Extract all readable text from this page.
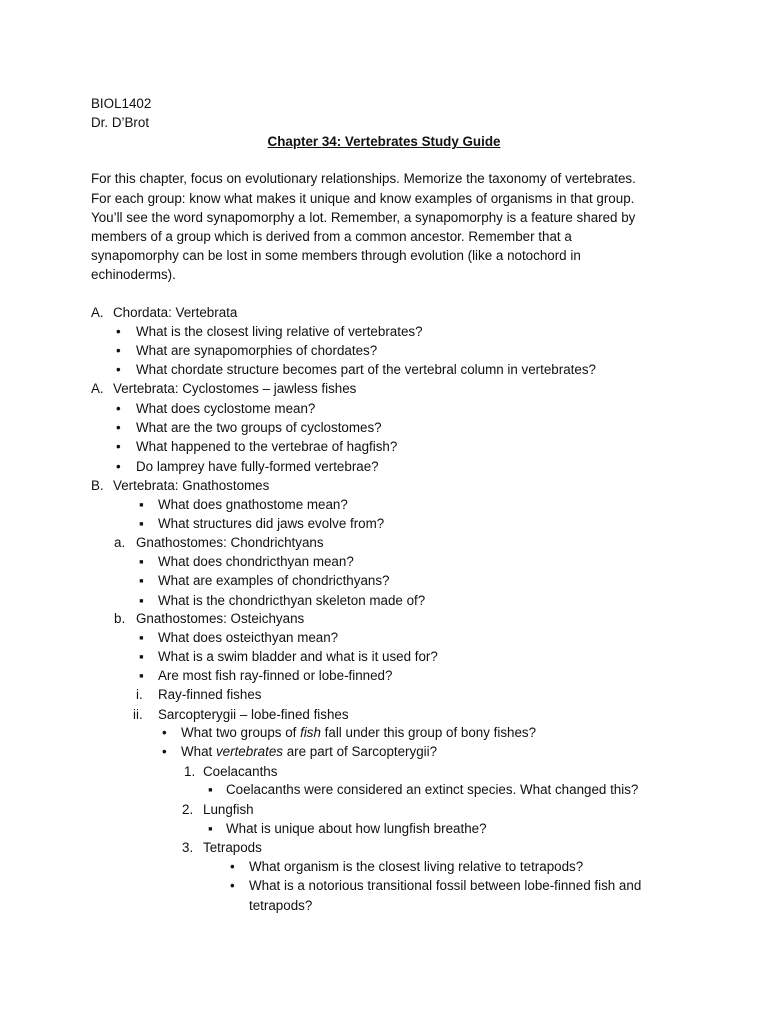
BIOL1402
Dr. D’Brot
Chapter 34: Vertebrates Study Guide
For this chapter, focus on evolutionary relationships. Memorize the taxonomy of vertebrates.
For each group: know what makes it unique and know examples of organisms in that group.
You’ll see the word synapomorphy a lot. Remember, a synapomorphy is a feature shared by
members of a group which is derived from a common ancestor. Remember that a
synapomorphy can be lost in some members through evolution (like a notochord in
echinoderms).
A. Chordata: Vertebrata
• What is the closest living relative of vertebrates?
• What are synapomorphies of chordates?
• What chordate structure becomes part of the vertebral column in vertebrates?
A. Vertebrata: Cyclostomes – jawless fishes
• What does cyclostome mean?
• What are the two groups of cyclostomes?
• What happened to the vertebrae of hagfish?
• Do lamprey have fully-formed vertebrae?
B. Vertebrata: Gnathostomes
▪ What does gnathostome mean?
▪ What structures did jaws evolve from?
a. Gnathostomes: Chondrichtyans
▪ What does chondricthyan mean?
▪ What are examples of chondricthyans?
▪ What is the chondricthyan skeleton made of?
b. Gnathostomes: Osteichyans
▪ What does osteicthyan mean?
▪ What is a swim bladder and what is it used for?
▪ Are most fish ray-finned or lobe-finned?
i. Ray-finned fishes
ii. Sarcopterygii – lobe-fined fishes
• What two groups of fish fall under this group of bony fishes?
• What vertebrates are part of Sarcopterygii?
1. Coelacanths
▪ Coelacanths were considered an extinct species. What changed this?
2. Lungfish
▪ What is unique about how lungfish breathe?
3. Tetrapods
• What organism is the closest living relative to tetrapods?
• What is a notorious transitional fossil between lobe-finned fish and
tetrapods?
